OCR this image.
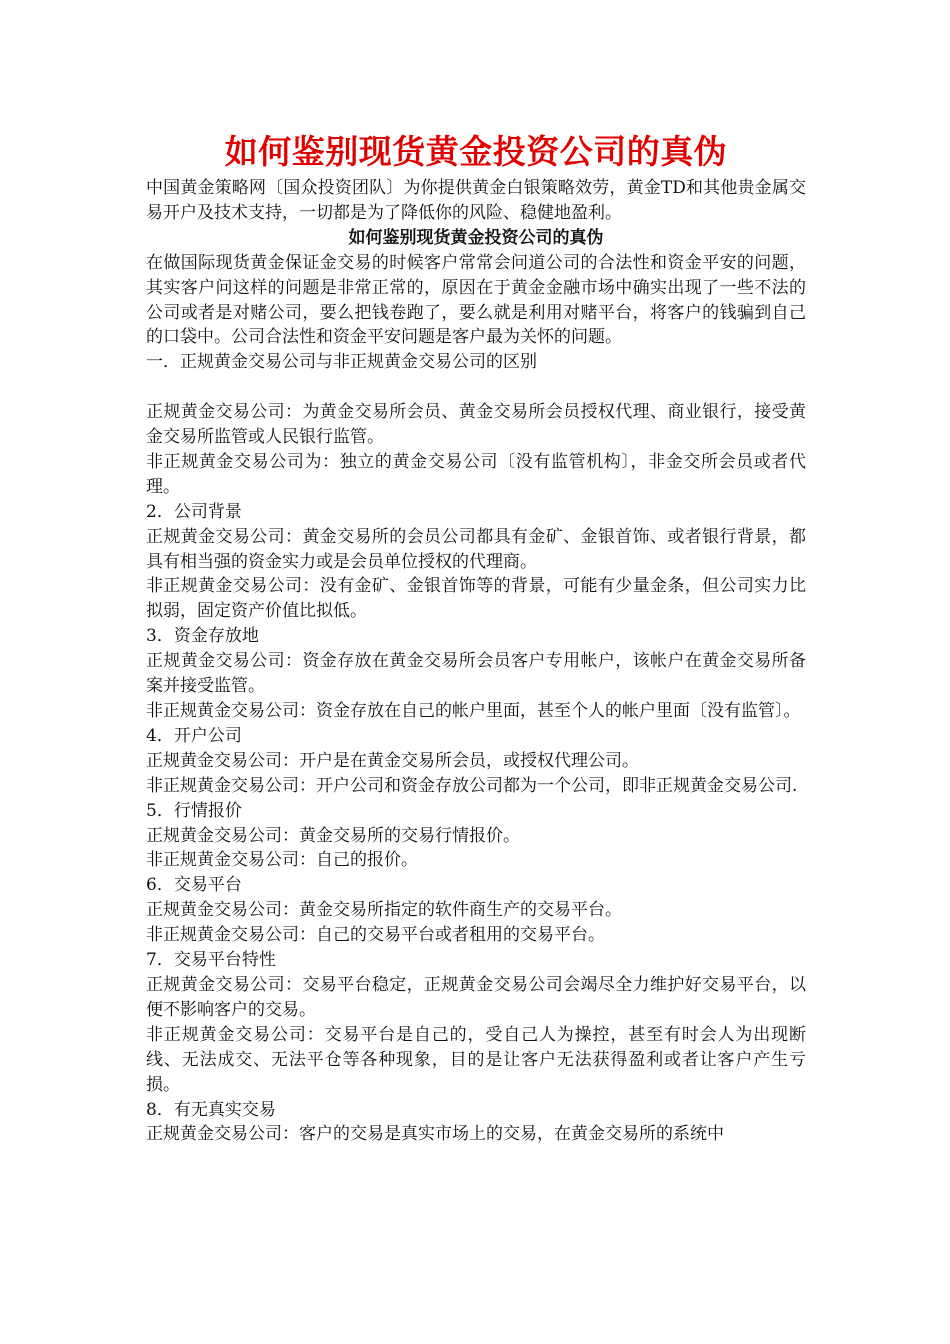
如何鉴别现货黄金投资公司的真伪

中国黄金策略网〔国众投资团队〕为你提供黄金白银策略效劳，黄金TD和其他贵金属交易开户及技术支持，一切都是为了降低你的风险、稳健地盈利。

如何鉴别现货黄金投资公司的真伪

在做国际现货黄金保证金交易的时候客户常常会问道公司的合法性和资金平安的问题，其实客户问这样的问题是非常正常的，原因在于黄金金融市场中确实出现了一些不法的公司或者是对赌公司，要么把钱卷跑了，要么就是利用对赌平台，将客户的钱骗到自己的口袋中。公司合法性和资金平安问题是客户最为关怀的问题。

一．正规黄金交易公司与非正规黄金交易公司的区别

正规黄金交易公司：为黄金交易所会员、黄金交易所会员授权代理、商业银行，接受黄金交易所监管或人民银行监管。

非正规黄金交易公司为：独立的黄金交易公司〔没有监管机构〕，非金交所会员或者代理。

2．公司背景

正规黄金交易公司：黄金交易所的会员公司都具有金矿、金银首饰、或者银行背景，都具有相当强的资金实力或是会员单位授权的代理商。

非正规黄金交易公司：没有金矿、金银首饰等的背景，可能有少量金条，但公司实力比拟弱，固定资产价值比拟低。

3．资金存放地

正规黄金交易公司：资金存放在黄金交易所会员客户专用帐户，该帐户在黄金交易所备案并接受监管。

非正规黄金交易公司：资金存放在自己的帐户里面，甚至个人的帐户里面〔没有监管〕。

4．开户公司

正规黄金交易公司：开户是在黄金交易所会员，或授权代理公司。

非正规黄金交易公司：开户公司和资金存放公司都为一个公司，即非正规黄金交易公司.

5．行情报价

正规黄金交易公司：黄金交易所的交易行情报价。

非正规黄金交易公司：自己的报价。

6．交易平台

正规黄金交易公司：黄金交易所指定的软件商生产的交易平台。

非正规黄金交易公司：自己的交易平台或者租用的交易平台。

7．交易平台特性

正规黄金交易公司：交易平台稳定，正规黄金交易公司会竭尽全力维护好交易平台，以便不影响客户的交易。

非正规黄金交易公司：交易平台是自己的，受自己人为操控，甚至有时会人为出现断线、无法成交、无法平仓等各种现象，目的是让客户无法获得盈利或者让客户产生亏损。

8．有无真实交易

正规黄金交易公司：客户的交易是真实市场上的交易，在黄金交易所的系统中
